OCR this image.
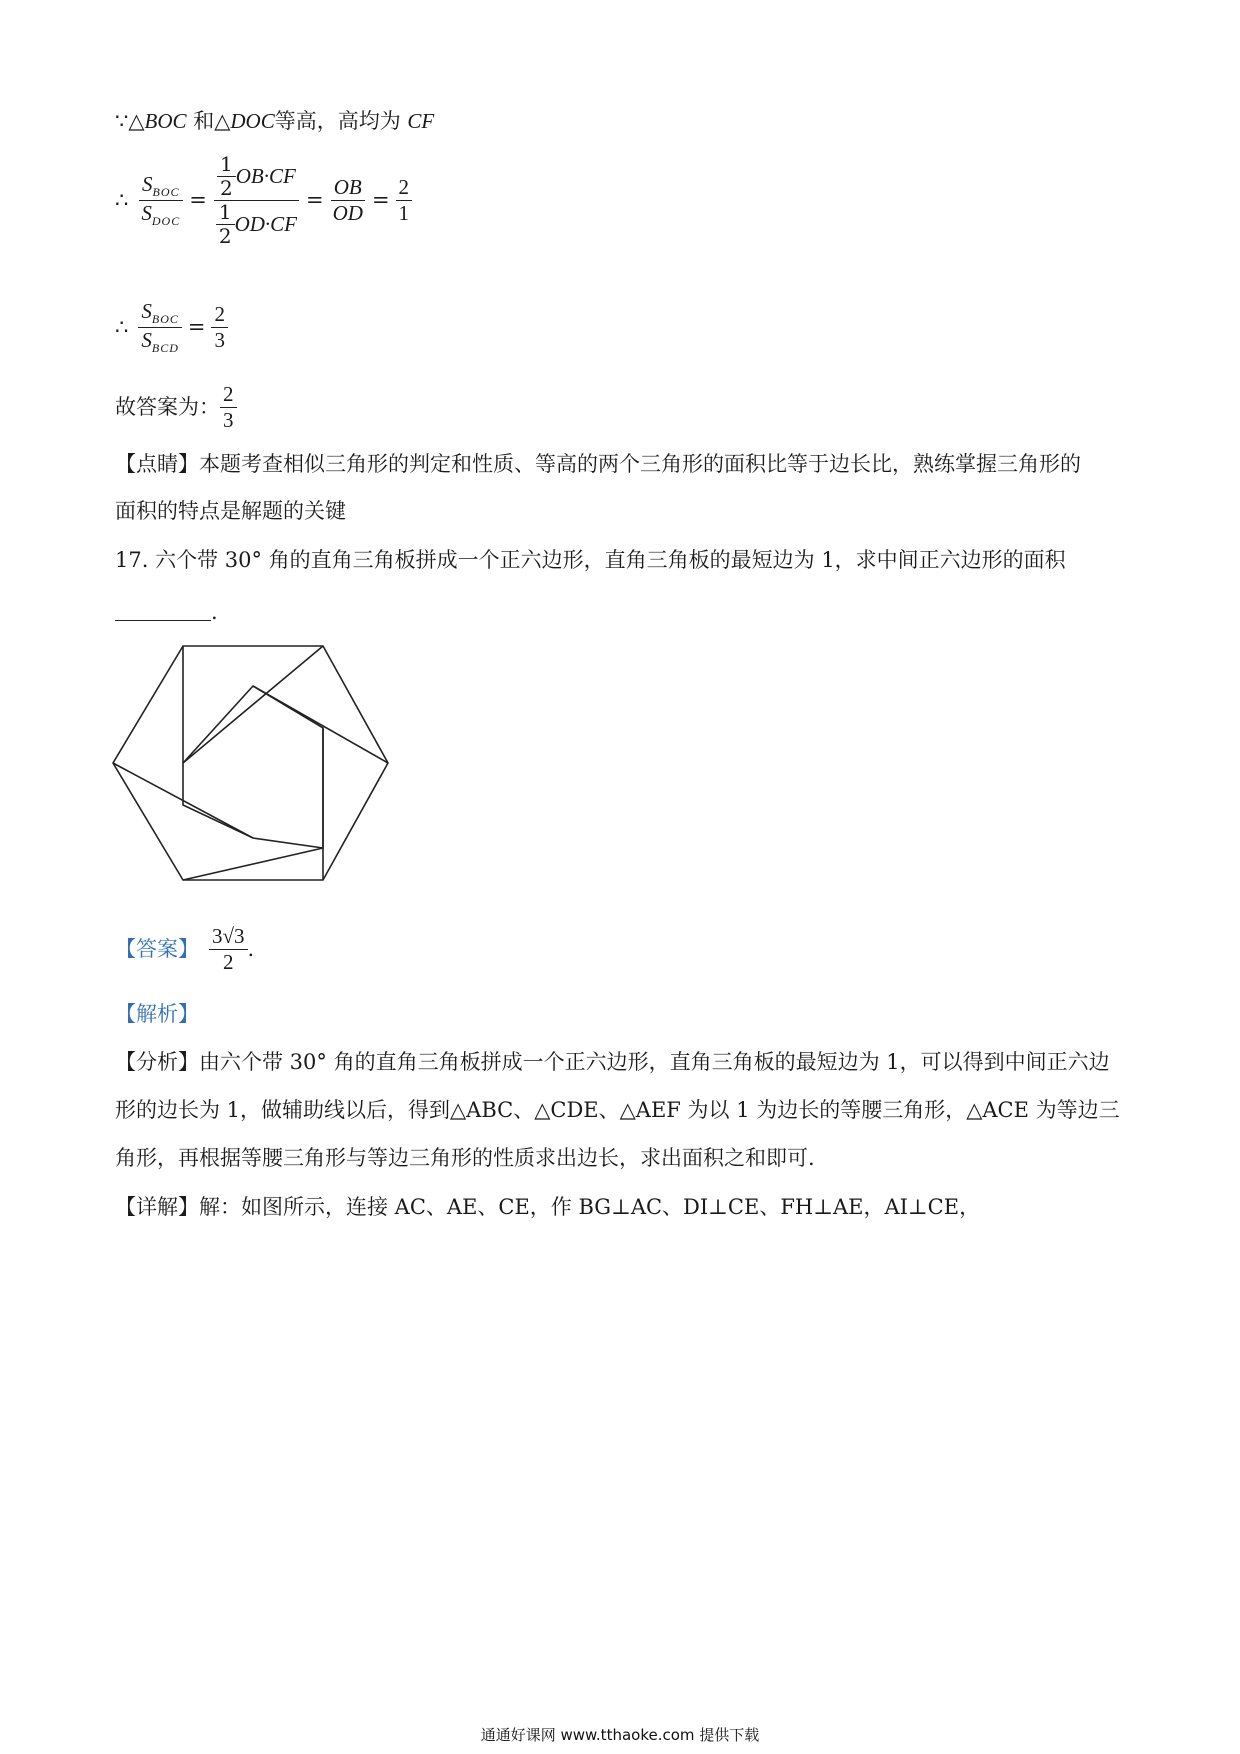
∵△BOC 和△DOC等高，高均为 CF
∴ $\frac{S_{BOC}}{S_{DOC}} = \frac{\frac{1}{2} OB\cdot CF}{\frac{1}{2} OD\cdot CF} = \frac{OB}{OD} = \frac{2}{1}$
∴ $\frac{S_{BOC}}{S_{BCD}} = \frac{2}{3}$
故答案为： $\frac{2}{3}$
【点睛】本题考查相似三角形的判定和性质、等高的两个三角形的面积比等于边长比，熟练掌握三角形的
面积的特点是解题的关键
17. 六个带 30° 角的直角三角板拼成一个正六边形，直角三角板的最短边为 1，求中间正六边形的面积
.
【答案】 $\frac{3√3}{2}$ .
【解析】
【分析】由六个带 30° 角的直角三角板拼成一个正六边形，直角三角板的最短边为 1，可以得到中间正六边
形的边长为 1，做辅助线以后，得到△ABC、△CDE、△AEF 为以 1 为边长的等腰三角形，△ACE 为等边三
角形，再根据等腰三角形与等边三角形的性质求出边长，求出面积之和即可.
【详解】解：如图所示，连接 AC、AE、CE，作 BG⊥AC、DI⊥CE、FH⊥AE，AI⊥CE，
通通好课网 www.tthaoke.com 提供下载
